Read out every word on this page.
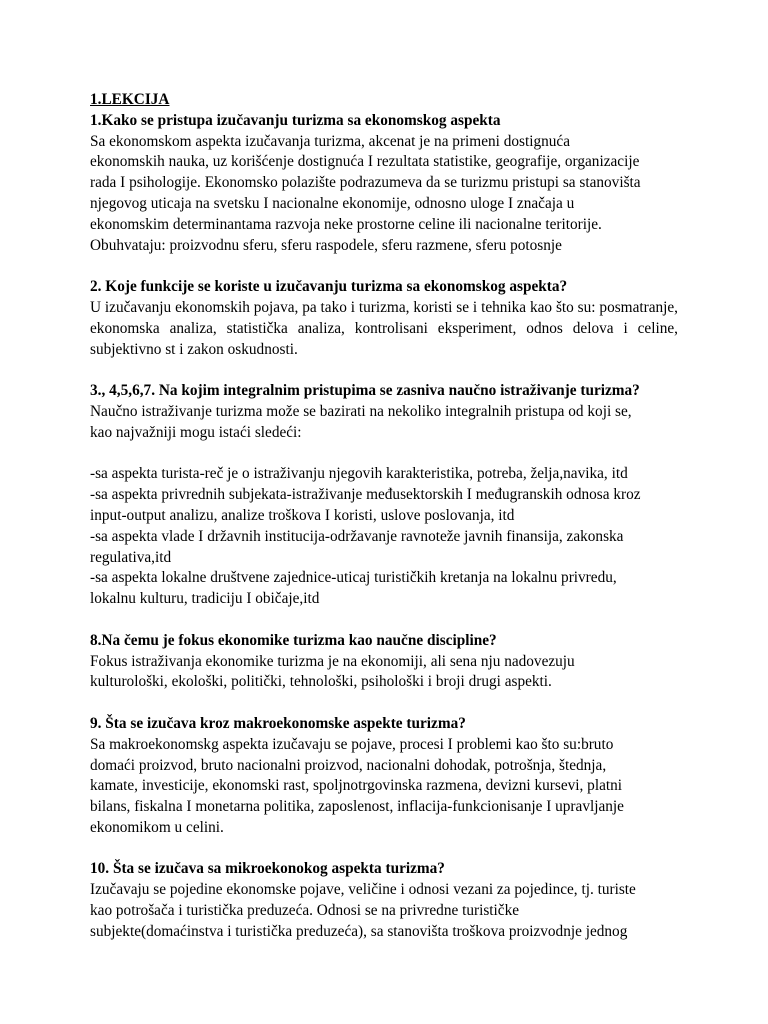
1.LEKCIJA
1.Kako se pristupa izučavanju turizma sa ekonomskog aspekta
Sa ekonomskom aspekta izučavanja turizma, akcenat je na primeni dostignuća
ekonomskih nauka, uz korišćenje dostignuća I rezultata statistike, geografije, organizacije
rada I psihologije. Ekonomsko polazište podrazumeva da se turizmu pristupi sa stanovišta
njegovog uticaja na svetsku I nacionalne ekonomije, odnosno uloge I značaja u
ekonomskim determinantama razvoja neke prostorne celine ili nacionalne teritorije.
Obuhvataju: proizvodnu sferu, sferu raspodele, sferu razmene, sferu potosnje
2. Koje funkcije se koriste u izučavanju turizma sa ekonomskog aspekta?

U izučavanju ekonomskih pojava, pa tako i turizma, koristi se i tehnika kao što su: posmatranje, ekonomska analiza, statistička analiza, kontrolisani eksperiment, odnos delova i celine, subjektivno st i zakon oskudnosti.

3., 4,5,6,7. Na kojim integralnim pristupima se zasniva naučno istraživanje turizma?
Naučno istraživanje turizma može se bazirati na nekoliko integralnih pristupa od koji se,
kao najvažniji mogu istaći sledeći:
-sa aspekta turista-reč je o istraživanju njegovih karakteristika, potreba, želja,navika, itd
-sa aspekta privrednih subjekata-istraživanje međusektorskih I međugranskih odnosa kroz
input-output analizu, analize troškova I koristi, uslove poslovanja, itd
-sa aspekta vlade I državnih institucija-održavanje ravnoteže javnih finansija, zakonska
regulativa,itd
-sa aspekta lokalne društvene zajednice-uticaj turističkih kretanja na lokalnu privredu,
lokalnu kulturu, tradiciju I običaje,itd
8.Na čemu je fokus ekonomike turizma kao naučne discipline?
Fokus istraživanja ekonomike turizma je na ekonomiji, ali sena nju nadovezuju
kulturološki, ekološki, politički, tehnološki, psihološki i broji drugi aspekti.
9. Šta se izučava kroz makroekonomske aspekte turizma?
Sa makroekonomskg aspekta izučavaju se pojave, procesi I problemi kao što su:bruto
domaći proizvod, bruto nacionalni proizvod, nacionalni dohodak, potrošnja, štednja,
kamate, investicije, ekonomski rast, spoljnotrgovinska razmena, devizni kursevi, platni
bilans, fiskalna I monetarna politika, zaposlenost, inflacija-funkcionisanje I upravljanje
ekonomikom u celini.
10. Šta se izučava sa mikroekonokog aspekta turizma?
Izučavaju se pojedine ekonomske pojave, veličine i odnosi vezani za pojedince, tj. turiste
kao potrošača i turistička preduzeća. Odnosi se na privredne turističke
subjekte(domaćinstva i turistička preduzeća), sa stanovišta troškova proizvodnje jednog
